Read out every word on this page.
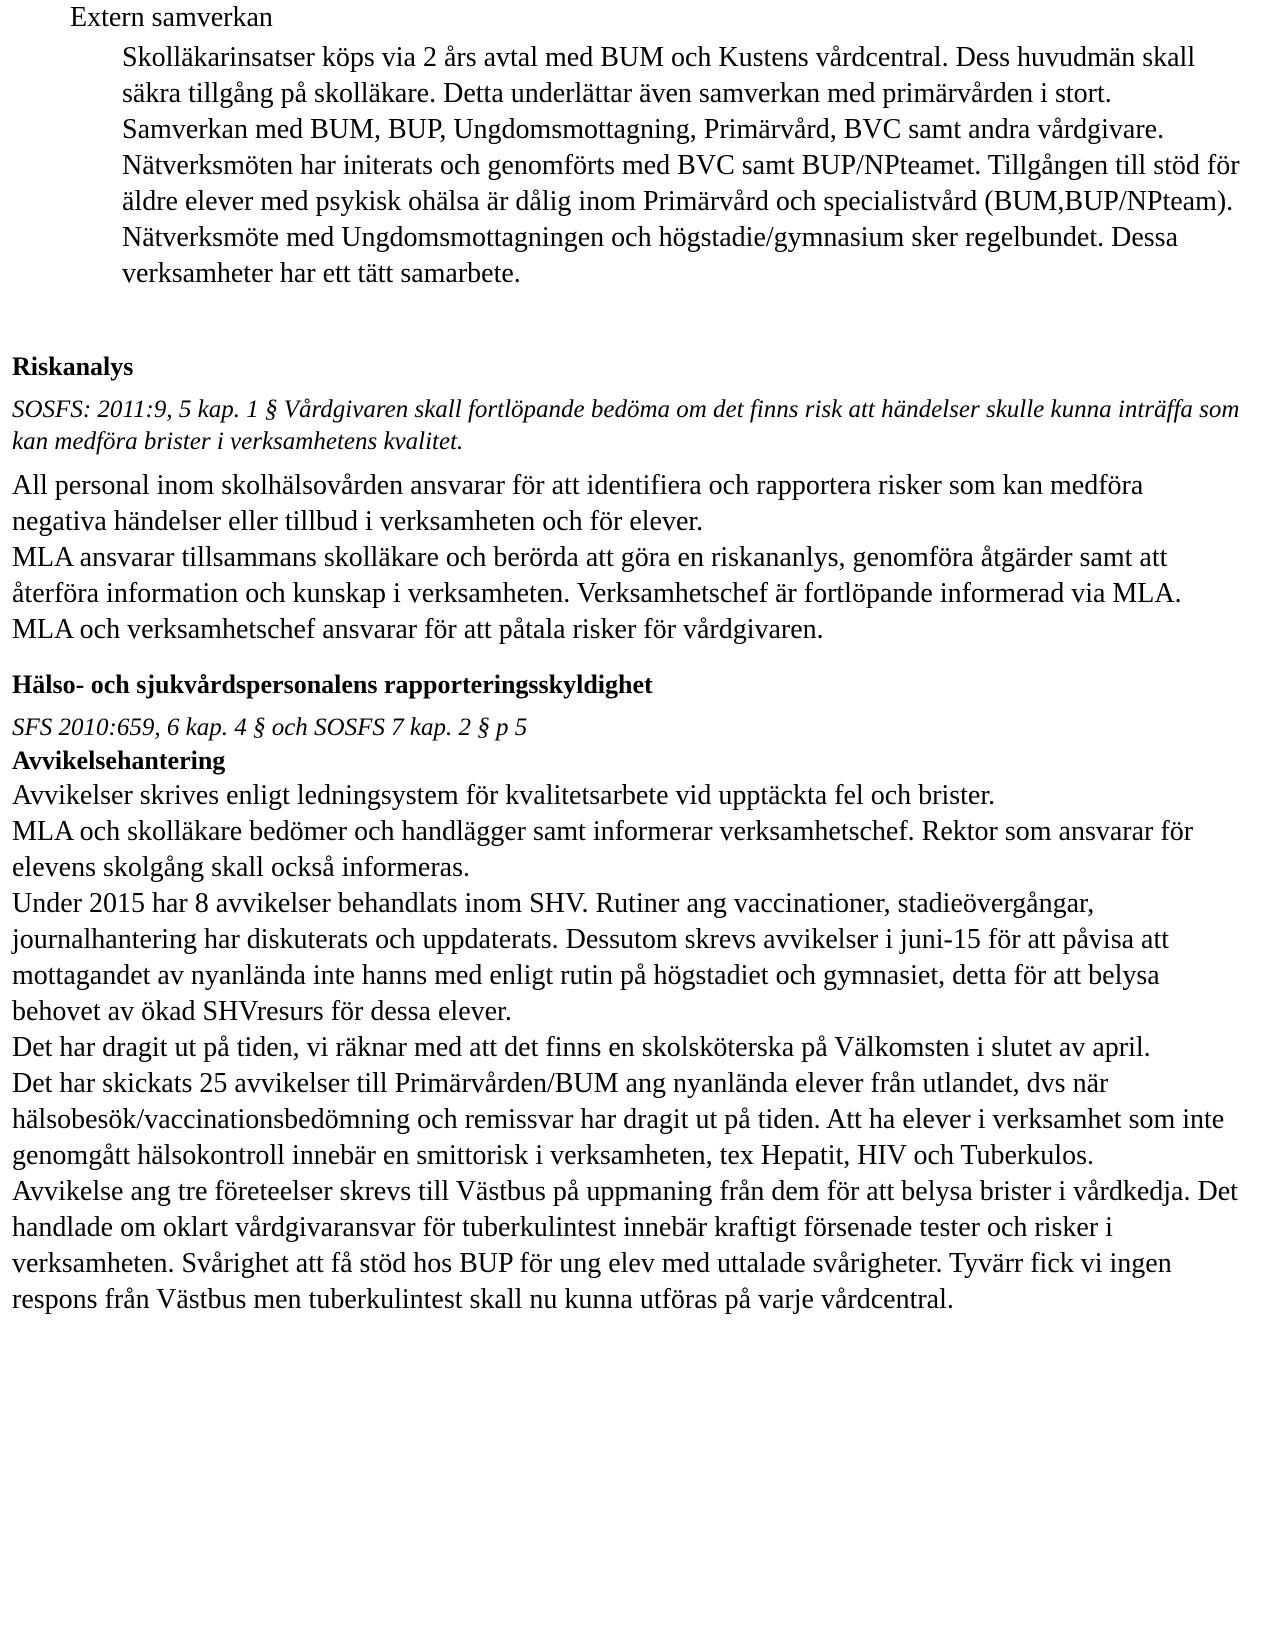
Extern samverkan

Skolläkarinsatser köps via 2 års avtal med BUM och Kustens vårdcentral. Dess huvudmän skall säkra tillgång på skolläkare. Detta underlättar även samverkan med primärvården i stort.

Samverkan med BUM, BUP, Ungdomsmottagning, Primärvård, BVC samt andra vårdgivare. Nätverksmöten har initerats och genomförts med BVC samt BUP/NPteamet. Tillgången till stöd för äldre elever med psykisk ohälsa är dålig inom Primärvård och specialistvård (BUM,BUP/NPteam).

Nätverksmöte med Ungdomsmottagningen och högstadie/gymnasium sker regelbundet. Dessa verksamheter har ett tätt samarbete.

Riskanalys

SOSFS: 2011:9, 5 kap. 1 § Vårdgivaren skall fortlöpande bedöma om det finns risk att händelser skulle kunna inträffa som kan medföra brister i verksamhetens kvalitet.

All personal inom skolhälsovården ansvarar för att identifiera och rapportera risker som kan medföra negativa händelser eller tillbud i verksamheten och för elever.

MLA ansvarar tillsammans skolläkare och berörda att göra en riskananlys, genomföra åtgärder samt att återföra information och kunskap i verksamheten. Verksamhetschef är fortlöpande informerad via MLA. MLA och verksamhetschef ansvarar för att påtala risker för vårdgivaren.

Hälso- och sjukvårdspersonalens rapporteringsskyldighet

SFS 2010:659, 6 kap. 4 § och SOSFS 7 kap. 2 § p 5

Avvikelsehantering

Avvikelser skrives enligt ledningsystem för kvalitetsarbete vid upptäckta fel och brister.

MLA och skolläkare bedömer och handlägger samt informerar verksamhetschef. Rektor som ansvarar för elevens skolgång skall också informeras.

Under 2015 har 8 avvikelser behandlats inom SHV. Rutiner ang vaccinationer, stadieövergångar, journalhantering har diskuterats och uppdaterats. Dessutom skrevs avvikelser i juni-15 för att påvisa att mottagandet av nyanlända inte hanns med enligt rutin på högstadiet och gymnasiet, detta för att belysa behovet av ökad SHVresurs för dessa elever.

Det har dragit ut på tiden, vi räknar med att det finns en skolsköterska på Välkomsten i slutet av april.

Det har skickats 25 avvikelser till Primärvården/BUM ang nyanlända elever från utlandet, dvs när hälsobesök/vaccinationsbedömning och remissvar har dragit ut på tiden. Att ha elever i verksamhet som inte genomgått hälsokontroll innebär en smittorisk i verksamheten, tex Hepatit, HIV och Tuberkulos.

Avvikelse ang tre företeelser skrevs till Västbus på uppmaning från dem för att belysa brister i vårdkedja. Det handlade om oklart vårdgivaransvar för tuberkulintest innebär kraftigt försenade tester och risker i verksamheten. Svårighet att få stöd hos BUP för ung elev med uttalade svårigheter. Tyvärr fick vi ingen respons från Västbus men tuberkulintest skall nu kunna utföras på varje vårdcentral.
